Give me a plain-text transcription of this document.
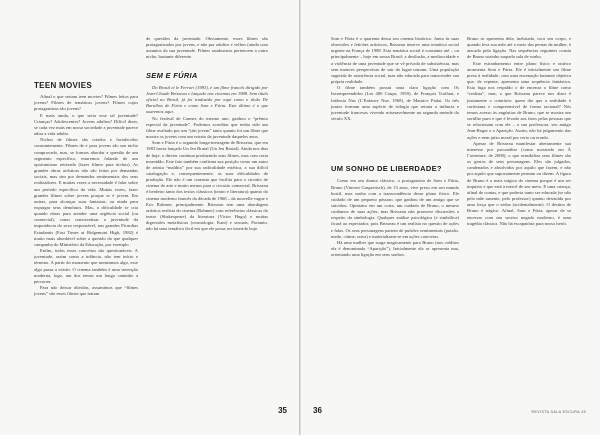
TEEN MOVIES

Afinal o que seriam teen movies? Filmes feitos para jovens? Filmes de temáticas jovens? Filmes cujos protagonistas são jovens?

E mais ainda, o que seria esse tal juventude? Crianças? Adolescentes? Jovens adultos? Difícil dizer, se cada vez mais em nossa sociedade a juventude parece adiar a vida adulta.

Nichos de filmes são criados e fortalecidos constantemente. Filmes de e para jovens são um nicho comprovado, mas, se formos abordar a questão de um segmento específico, estaremos falando de um oportunismo reiterado (fazer filmes para nichos). As grandes obras artísticas não são feitas por demandas sociais, mas sim por demandas sentimentais dos seus realizadores. E muitas vezes a necessidade é falar sobre um período específico da vida. Muitas vezes, fazer grandes filmes sobre jovens porque se é jovem. Em outras, para alcançar suas fantasias, ou ainda para expurgar seus demônios. Mas, a dificuldade se cria quando obras para atender uma urgência social (ou comercial), como conscientizar a juventude da importância do sexo responsável, nas grandes Picardias Estudantis (Fast Times at Ridgemont High, 1982) é muito mais abordável sobre a questão do que qualquer campanha do Ministério da Educação, por exemplo.

Enfim, todos esses conceitos são questionáveis. A juventude, assim como a infância, não tem início e término. A partir do momento que nomeamos algo, esse algo passa a existir. O cinema também é uma invenção moderna, logo, um dos temas um longo caminho a percorrer.

Para não deixar dúvidas, assumimos que “filmes jovens” são esses filmes que tratam

de questões da juventude. Obviamente, esses filmes são protagonizados por jovens, e não por adultos e velhos (ainda com assuntos da sua juventude. Filmes saudosistas pertencem a outro nicho, bastante diferente.

SEM E FÚRIA

Do Brasil et le Ferrari (1983), é um filme francês dirigido por Jean-Claude Brisseau e lançado nos cinemas em 1988. Sem título oficial no Brasil, já foi traduzido por aqui como o título De Barulhos de Fúria e como Som e Fúria. Este último é o que usaremos aqui.

No festival de Cannes do mesmo ano, ganhou o “prêmio especial da juventude”. Podemos acreditar que tenha sido um filme avaliado por um “júri jovem” tanto quanto foi um filme que mostra os jovens com um retrato da juventude daqueles anos.

Som e Fúria é o segundo longa-metragem de Brisseau, que em 1983 havia lançado Un Jeu Brutal (Un Jeu Brutal). Ainda nos dias de hoje, o diretor continua produzindo seus filmes, mas com certa mornidão. Este fato também confirma sua posição como um autor de artista “maldito” por sua radicalidade estética, a sua difícil catalogação e, consequentemente, as suas dificuldades de produção. Ele não é um cineasta que facilita para o circuito de cinema de arte e muito menos para o circuito comercial. Brisseau é herdeiro tanto dos textos clássicos (teatro e literatura) quanto do cinema moderno francês da década de 1960 – da nouvelle vague e Eric Rohmer, principalmente. Brisseau tem uma abordagem artística realista do cinema (Rohmer) com referências clássicas do teatro (Shakespeare) da literatura (Victor Hugo) e muitas digressões metafísicas (cosmologia, Kant) e sexuais. Portanto, não há uma temática fácil em que ele possa ser inserido hoje.

35	36

Som e Fúria é o quarenta dessa seu cinema histórico. Junto às suas obsessões e fetiches artísticos, Brisseau inserve uma temática social urgente na França de 1988. Esta temática social é constante até – ou principalmente – hoje em nossa Brasil: a desilusão, a mediocridade e a violência de uma juventude que se vê privada de subsistência, mas sem maiores perspectivas de sair do lugar-comum. Uma população sugerida de assistência social, mas não educada para transcender sua própria realidade.

O filme também possui uma clara ligação com Os Incompreendidos (Les 400 Coups, 1959), de François Truffaut, e Infância Nus (L’Enfance Nue, 1968), de Maurice Pialat. Os três juntos formam uma aspécie de trilogia que retrata a infância e juventude francesas vivendo miseravelmente na segunda metade do século XX.

UM SONHO DE LIBERDADE?

Como em um drama clássico, o protagonista de Som e Fúria, Bruno (Vincent Gasperitsch), de 13 anos, vive preso em seu mundo hostil, mas sonha com a transcendência desse plano físico. Ele cuidado de um pequeno pássaro, que ganhou de um amigo que se suicidou. Opiniatro em um corta, um cuidado de Bruno, o mesmo cuidamos de suas ações, mas Brisseau não promove discussões a respeito da simbologia. Qualquer análise psicológica (e simbólica) ficará ao espectador, pois Brisseau é um realista no quesito de ações e falas. Os seus personagens partem de pulsões sentimentais (paixão, medo, ciúme, raiva) e materializam-se em ações concretas.

Há uma mulher que surge magicamente para Bruno (nos créditos ela é denominada “Aparição”). Inicialmente ela se apresenta nua, orientando uma ligação em seus sonhos.

Bruno se apresenta dela, inebriado, toca seu corpo, e quando leva sua mão até o meio das pernas da mulher, é atacado pela ligação. Nas sequências seguintes consta de Bruno sozinho naquela sala de sonho.

Este estranhamento entre plano físico e onírico atormenta Som e Fúria. Ele é inicialmente um filme preso à realidade, com uma encenação bastante objetiva que, de repente, apresenta uma sequência fantástica. Esta fuga nos respaldo o de encenar o filme como “realista”, mas, o que Brisseau parece nos dizer é justamente o contrário: quem diz que a realidade é cartesiana e compreensível de forma racional? Nós temos acesso às angústias de Bruno, que se mostra um sortilho puro e que é levado aos fatos pelas pessoas que se relacionam com ele – a sua professora, seu amigo Jean-Roger e a Aparição. Assim, não há julgamento das ações e nem juízo moral por certo ou errado.

Apesar de Brisseau manifestar abertamente sua interesse por psicanálise (como mostrado em À l’aventure, de 2008), o que sensibiliza seus filmes são os gestos de seus personagens. Eles são julgados, condenados e absolvidos por aquilo que fazem, e não por aquilo que supostamente pensam ou dizem. A figura de Bruno é a mais trágica do cinema porque é um ser inquieto e que está à mercê de seu meio. E uma criança, afinal de contas, e que poderia tanto ser educada (se não pela mãe ausente, pelo professor) quanto destruída por uma força que o seduz (acidentalmente). O destino de Bruno é trágico. Afinal, Som e Fúria, apesar de se encerrar com um sorriso negado moderno, é uma tragédia clássica. Não há escapatória para nosso herói.

REVISTA SALA ESCURA 45
